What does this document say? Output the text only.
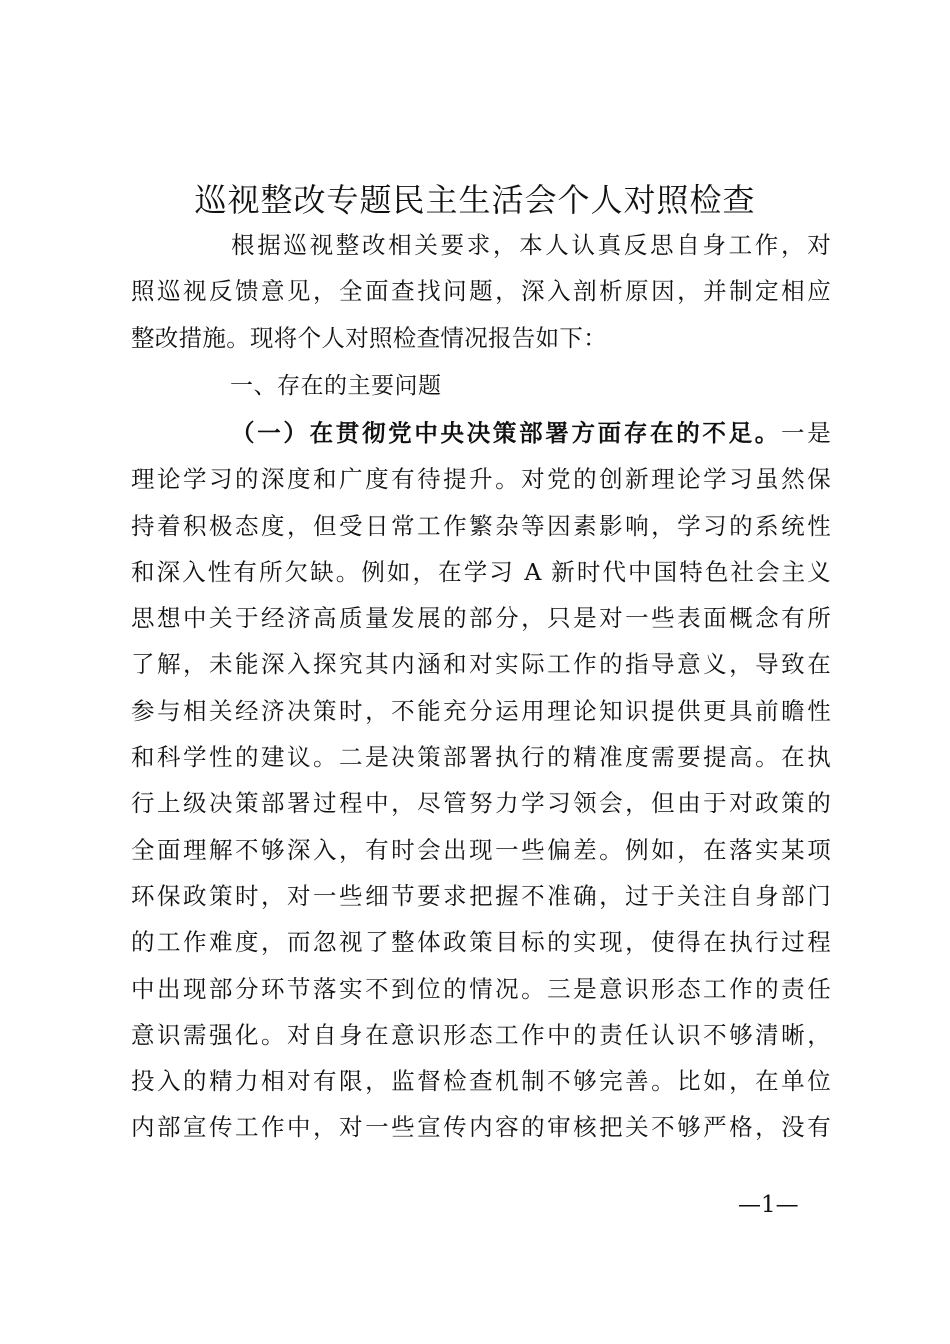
巡视整改专题民主生活会个人对照检查
根据巡视整改相关要求，本人认真反思自身工作，对
照巡视反馈意见，全面查找问题，深入剖析原因，并制定相应
整改措施。现将个人对照检查情况报告如下：
一、存在的主要问题
（一）在贯彻党中央决策部署方面存在的不足。一是
理论学习的深度和广度有待提升。对党的创新理论学习虽然保
持着积极态度，但受日常工作繁杂等因素影响，学习的系统性
和深入性有所欠缺。例如，在学习 A 新时代中国特色社会主义
思想中关于经济高质量发展的部分，只是对一些表面概念有所
了解，未能深入探究其内涵和对实际工作的指导意义，导致在
参与相关经济决策时，不能充分运用理论知识提供更具前瞻性
和科学性的建议。二是决策部署执行的精准度需要提高。在执
行上级决策部署过程中，尽管努力学习领会，但由于对政策的
全面理解不够深入，有时会出现一些偏差。例如，在落实某项
环保政策时，对一些细节要求把握不准确，过于关注自身部门
的工作难度，而忽视了整体政策目标的实现，使得在执行过程
中出现部分环节落实不到位的情况。三是意识形态工作的责任
意识需强化。对自身在意识形态工作中的责任认识不够清晰，
投入的精力相对有限，监督检查机制不够完善。比如，在单位
内部宣传工作中，对一些宣传内容的审核把关不够严格，没有
—1—
